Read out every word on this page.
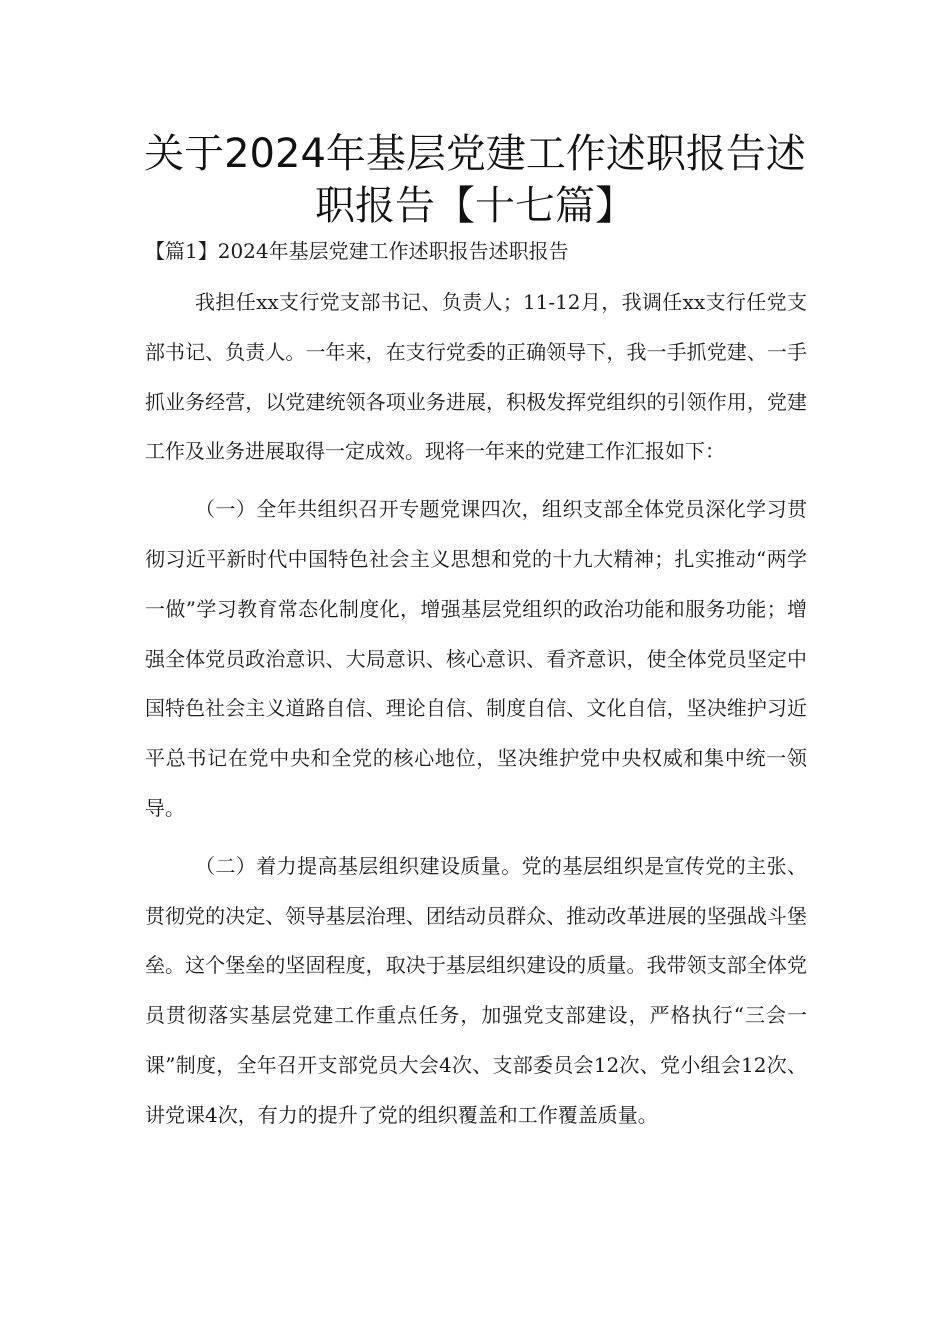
关于2024年基层党建工作述职报告述职报告【十七篇】

【篇1】2024年基层党建工作述职报告述职报告

我担任xx支行党支部书记、负责人；11-12月，我调任xx支行任党支部书记、负责人。一年来，在支行党委的正确领导下，我一手抓党建、一手抓业务经营，以党建统领各项业务进展，积极发挥党组织的引领作用，党建工作及业务进展取得一定成效。现将一年来的党建工作汇报如下：

（一）全年共组织召开专题党课四次，组织支部全体党员深化学习贯彻习近平新时代中国特色社会主义思想和党的十九大精神；扎实推动“两学一做”学习教育常态化制度化，增强基层党组织的政治功能和服务功能；增强全体党员政治意识、大局意识、核心意识、看齐意识，使全体党员坚定中国特色社会主义道路自信、理论自信、制度自信、文化自信，坚决维护习近平总书记在党中央和全党的核心地位，坚决维护党中央权威和集中统一领导。

（二）着力提高基层组织建设质量。党的基层组织是宣传党的主张、贯彻党的决定、领导基层治理、团结动员群众、推动改革进展的坚强战斗堡垒。这个堡垒的坚固程度，取决于基层组织建设的质量。我带领支部全体党员贯彻落实基层党建工作重点任务，加强党支部建设，严格执行“三会一课”制度，全年召开支部党员大会4次、支部委员会12次、党小组会12次、讲党课4次，有力的提升了党的组织覆盖和工作覆盖质量。
